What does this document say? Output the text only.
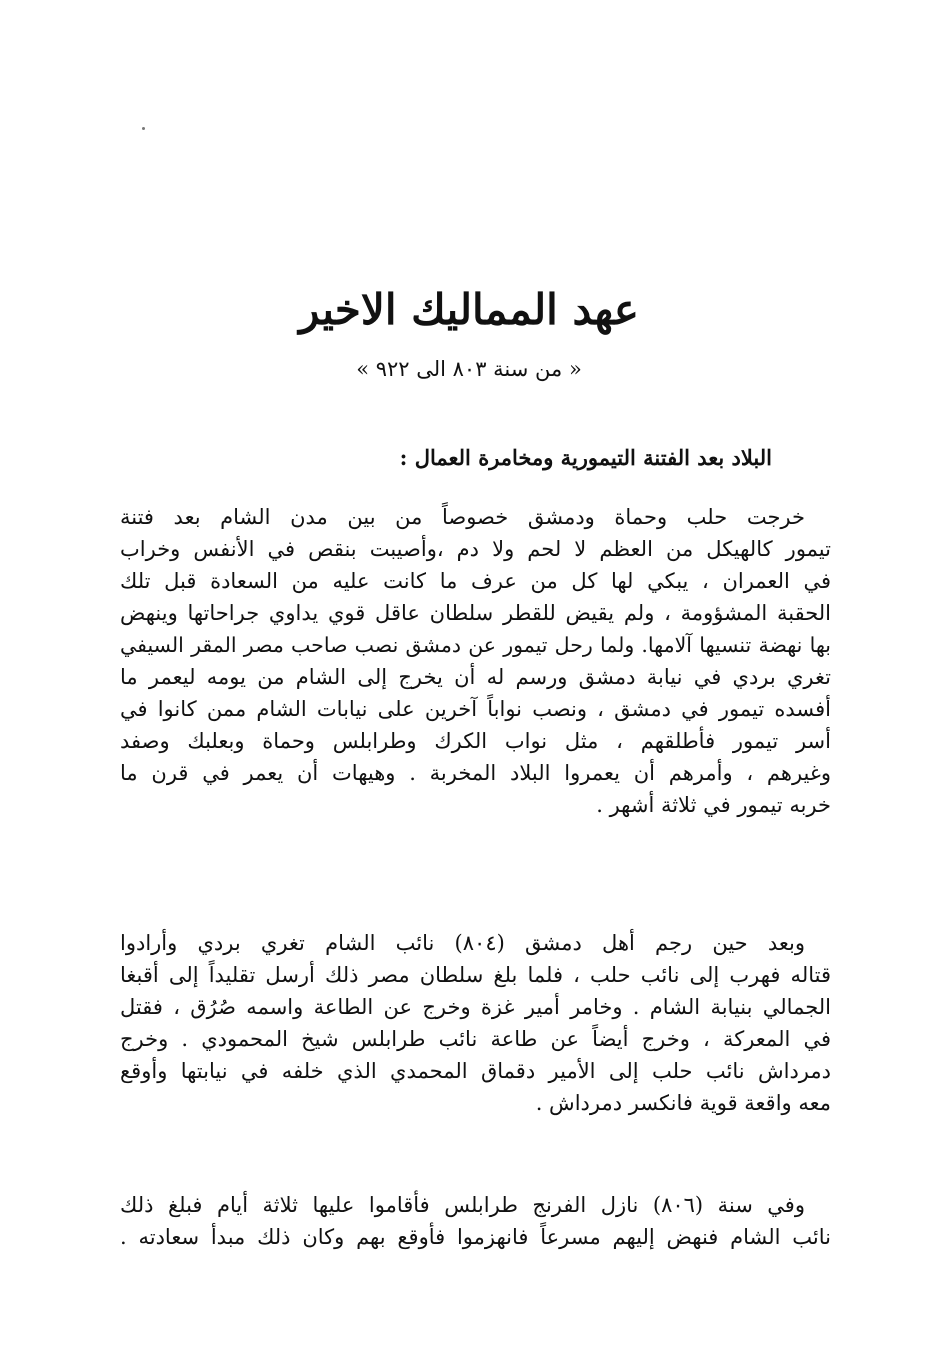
عهد المماليك الاخير

« من سنة ٨٠٣ الى ٩٢٢ »

البلاد بعد الفتنة التيمورية ومخامرة العمال :
خرجت حلب وحماة ودمشق خصوصاً من بين مدن الشام بعد فتنة
تيمور كالهيكل من العظم لا لحم ولا دم ،وأصيبت بنقص في الأنفس وخراب
في العمران ، يبكي لها كل من عرف ما كانت عليه من السعادة قبل تلك
الحقبة المشؤومة ، ولم يقيض للقطر سلطان عاقل قوي يداوي جراحاتها وينهض
بها نهضة تنسيها آلامها. ولما رحل تيمور عن دمشق نصب صاحب مصر المقر السيفي
تغري بردي في نيابة دمشق ورسم له أن يخرج إلى الشام من يومه ليعمر ما
أفسده تيمور في دمشق ، ونصب نواباً آخرين على نيابات الشام ممن كانوا في
أسر تيمور فأطلقهم ، مثل نواب الكرك وطرابلس وحماة وبعلبك وصفد
وغيرهم ، وأمرهم أن يعمروا البلاد المخربة . وهيهات أن يعمر في قرن ما
خربه تيمور في ثلاثة أشهر .
وبعد حين رجم أهل دمشق (٨٠٤) نائب الشام تغري بردي وأرادوا
قتاله فهرب إلى نائب حلب ، فلما بلغ سلطان مصر ذلك أرسل تقليداً إلى أقبغا
الجمالي بنيابة الشام . وخامر أمير غزة وخرج عن الطاعة واسمه صُرُق ، فقتل
في المعركة ، وخرج أيضاً عن طاعة نائب طرابلس شيخ المحمودي . وخرج
دمرداش نائب حلب إلى الأمير دقماق المحمدي الذي خلفه في نيابتها وأوقع
معه واقعة قوية فانكسر دمرداش .
وفي سنة (٨٠٦) نازل الفرنج طرابلس فأقاموا عليها ثلاثة أيام فبلغ ذلك
نائب الشام فنهض إليهم مسرعاً فانهزموا فأوقع بهم وكان ذلك مبدأ سعادته .
